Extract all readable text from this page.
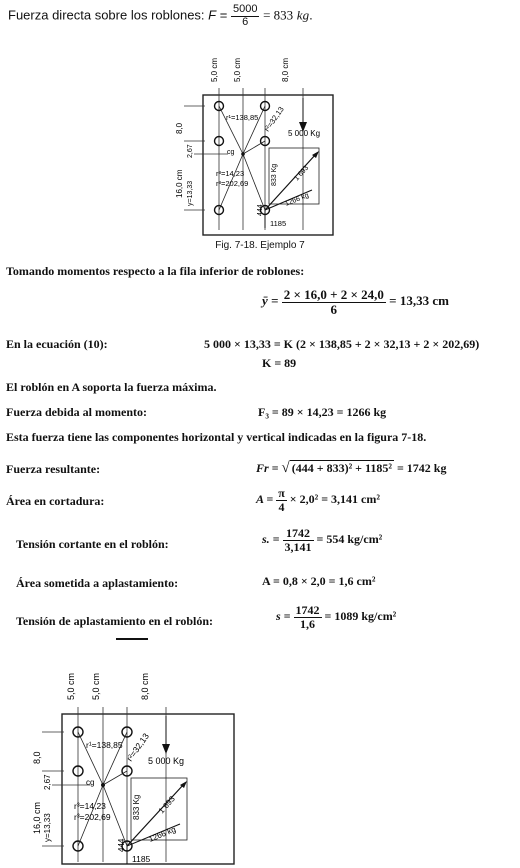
Fuerza directa sobre los roblones: $F = \frac{5000}{6} = 833$ kg.
5,0 cm 5,0 cm	8,0 cm
8,0
2,67
16,0 cm y=13,33
r¹=138,85 r²=32,13
cg
r³=14,23
r³=202,69
5 000 Kg
833 Kg 1 693
1266 kg
444
1185
Fig. 7-18. Ejemplo 7
Tomando momentos respecto a la fila inferior de roblones:
ȳ = $\frac{2 \times 16,0 + 2 \times 24,0}{6} = 13,33$ cm
En la ecuación (10):	5 000 × 13,33 = K (2 × 138,85 + 2 × 32,13 + 2 × 202,69)
K = 89
El roblón en A soporta la fuerza máxima.
Fuerza debida al momento:	F₃ = 89 × 14,23 = 1266 kg
Esta fuerza tiene las componentes horizontal y vertical indicadas en la figura 7-18.
Fuerza resultante:	Fr = √ (444 + 833)² + 1185² = 1742 kg
Área en cortadura:	$A = \frac{\pi}{4} \times 2,0^2 = 3,141$ cm²
Tensión cortante en el roblón:	s. = $\frac{1742}{3,141} = 554$ kg/cm²
Área sometida a aplastamiento:	A = 0,8 × 2,0 = 1,6 cm²
Tensión de aplastamiento en el roblón:	$s = \frac{1742}{1,6} = 1089$ kg/cm²
5,0 cm 5,0 cm	8,0 cm
8,0
2,67
16,0 cm y=13,33
r¹=138,85 r²=32,13
cg
r³=14,23
r³=202,69
5 000 Kg
833 Kg 1 693
1266 kg
444
1185
